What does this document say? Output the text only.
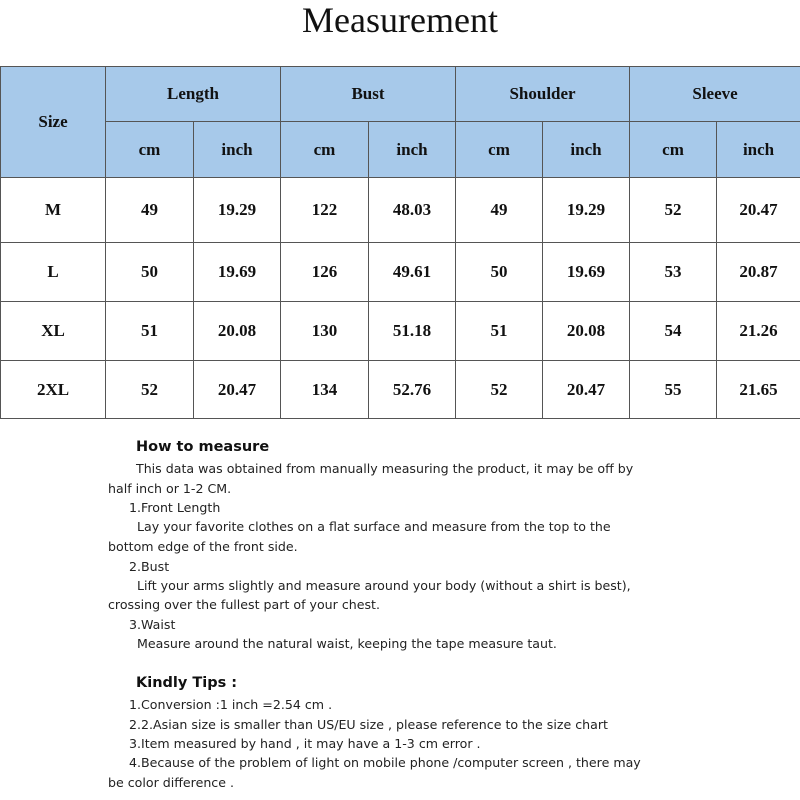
Measurement
Size	Length		Bust		Shoulder		Sleeve	
	cm	inch	cm	inch	cm	inch	cm	inch
M	49	19.29	122	48.03	49	19.29	52	20.47
L	50	19.69	126	49.61	50	19.69	53	20.87
XL	51	20.08	130	51.18	51	20.08	54	21.26
2XL	52	20.47	134	52.76	52	20.47	55	21.65
How to measure
This data was obtained from manually measuring the product, it may be off by
half inch or 1-2 CM.
1.Front Length
Lay your favorite clothes on a flat surface and measure from the top to the
bottom edge of the front side.
2.Bust
Lift your arms slightly and measure around your body (without a shirt is best),
crossing over the fullest part of your chest.
3.Waist
Measure around the natural waist, keeping the tape measure taut.
Kindly Tips :
1.Conversion :1 inch =2.54 cm .
2.2.Asian size is smaller than US/EU size , please reference to the size chart
3.Item measured by hand , it may have a 1-3 cm error .
4.Because of the problem of light on mobile phone /computer screen , there may
be color difference .
